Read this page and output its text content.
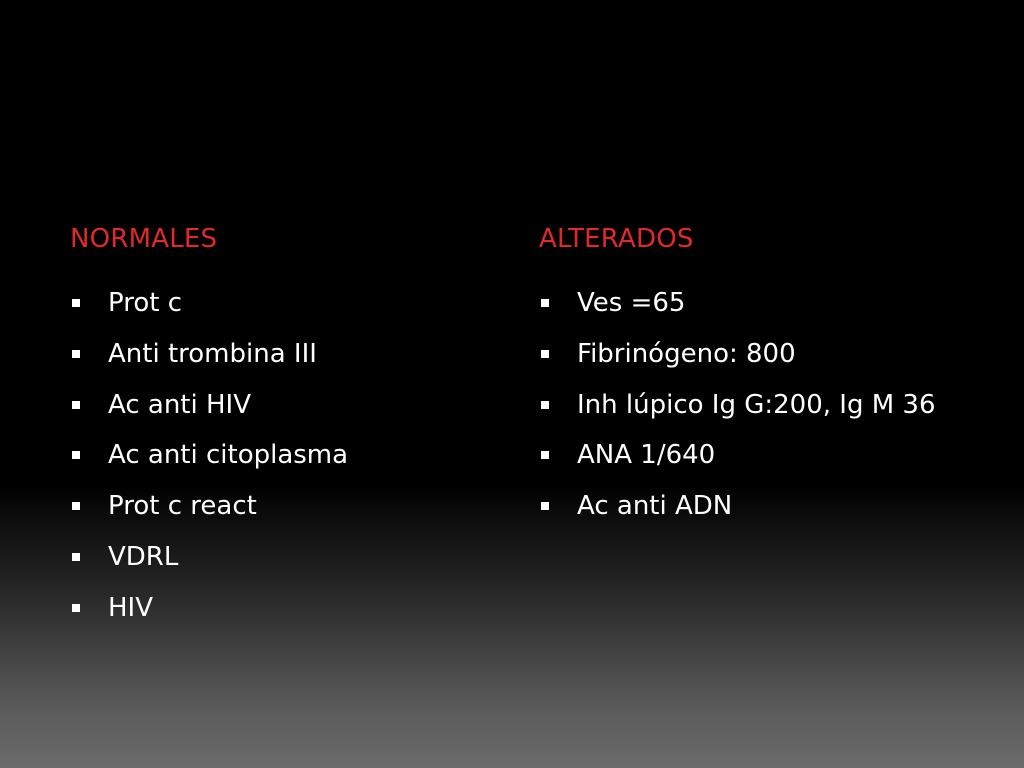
NORMALES
Prot c
Anti trombina III
Ac anti HIV
Ac anti citoplasma
Prot c react
VDRL
HIV
ALTERADOS
Ves =65
Fibrinógeno: 800
Inh lúpico Ig G:200, Ig M 36
ANA 1/640
Ac anti ADN
